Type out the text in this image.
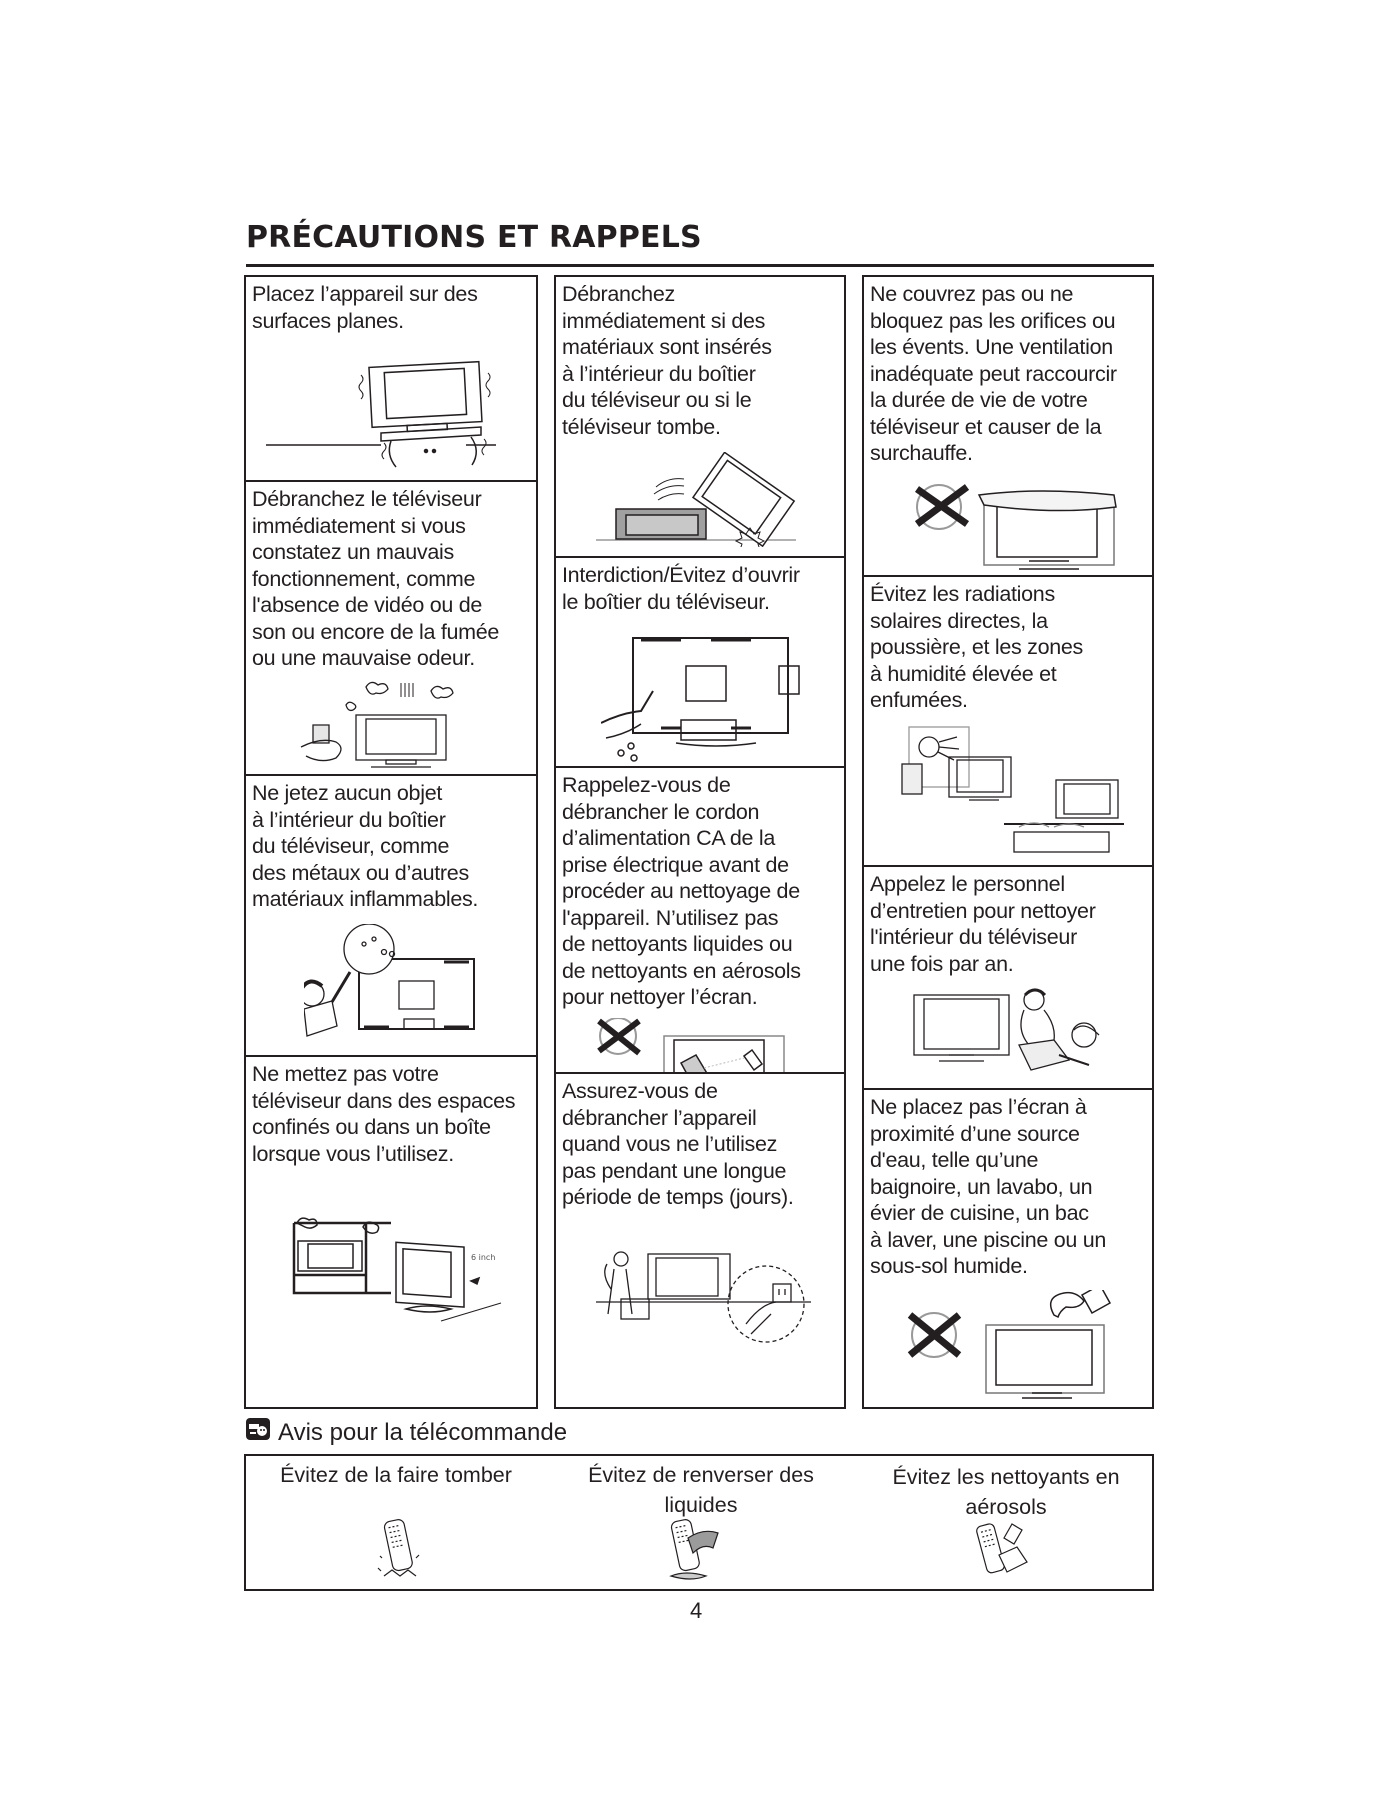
PRÉCAUTIONS ET RAPPELS

Placez l’appareil sur des
surfaces planes.

Débranchez le téléviseur
immédiatement si vous
constatez un mauvais
fonctionnement, comme
l'absence de vidéo ou de
son ou encore de la fumée
ou une mauvaise odeur.

Ne jetez aucun objet
à l’intérieur du boîtier
du téléviseur, comme
des métaux ou d’autres
matériaux inflammables.

Ne mettez pas votre
téléviseur dans des espaces
confinés ou dans un boîte
lorsque vous l’utilisez.

6 inch

Débranchez
immédiatement si des
matériaux sont insérés
à l’intérieur du boîtier
du téléviseur ou si le
téléviseur tombe.

Interdiction/Évitez d’ouvrir
le boîtier du téléviseur.

Rappelez-vous de
débrancher le cordon
d’alimentation CA de la
prise électrique avant de
procéder au nettoyage de
l'appareil. N’utilisez pas
de nettoyants liquides ou
de nettoyants en aérosols
pour nettoyer l’écran.

Assurez-vous de
débrancher l’appareil
quand vous ne l’utilisez
pas pendant une longue
période de temps (jours).

Ne couvrez pas ou ne
bloquez pas les orifices ou
les évents. Une ventilation
inadéquate peut raccourcir
la durée de vie de votre
téléviseur et causer de la
surchauffe.

Évitez les radiations
solaires directes, la
poussière, et les zones
à humidité élevée et
enfumées.

Appelez le personnel
d’entretien pour nettoyer
l'intérieur du téléviseur
une fois par an.

Ne placez pas l’écran à
proximité d’une source
d'eau, telle qu’une
baignoire, un lavabo, un
évier de cuisine, un bac
à laver, une piscine ou un
sous-sol humide.

Avis pour la télécommande
Évitez de la faire tomber	Évitez de renverser des
liquides
Évitez les nettoyants en
aérosols
4
